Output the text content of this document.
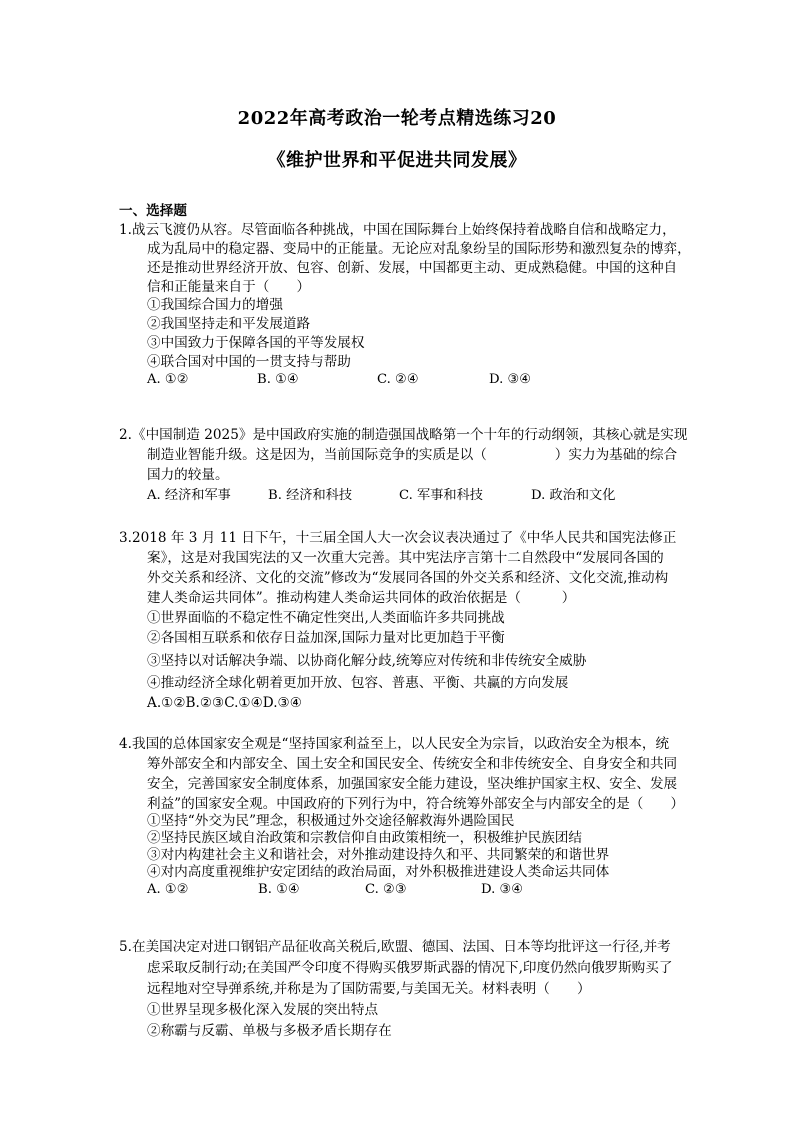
2022年高考政治一轮考点精选练习20
《维护世界和平促进共同发展》
一、选择题
1.战云飞渡仍从容。尽管面临各种挑战，中国在国际舞台上始终保持着战略自信和战略定力，
成为乱局中的稳定器、变局中的正能量。无论应对乱象纷呈的国际形势和激烈复杂的博弈，
还是推动世界经济开放、包容、创新、发展，中国都更主动、更成熟稳健。中国的这种自
信和正能量来自于（　　）
①我国综合国力的增强
②我国坚持走和平发展道路
③中国致力于保障各国的平等发展权
④联合国对中国的一贯支持与帮助
A. ①②	B. ①④	C. ②④	D. ③④
2.《中国制造 2025》是中国政府实施的制造强国战略第一个十年的行动纲领，其核心就是实现
制造业智能升级。这是因为，当前国际竞争的实质是以（　　　　　）实力为基础的综合
国力的较量。
A. 经济和军事	B. 经济和科技	C. 军事和科技	D. 政治和文化
3.2018 年 3 月 11 日下午，十三届全国人大一次会议表决通过了《中华人民共和国宪法修正
案》，这是对我国宪法的又一次重大完善。其中宪法序言第十二自然段中“发展同各国的
外交关系和经济、文化的交流”修改为“发展同各国的外交关系和经济、文化交流,推动构
建人类命运共同体”。推动构建人类命运共同体的政治依据是（　　　）
①世界面临的不稳定性不确定性突出,人类面临许多共同挑战
②各国相互联系和依存日益加深,国际力量对比更加趋于平衡
③坚持以对话解决争端、以协商化解分歧,统筹应对传统和非传统安全威胁
④推动经济全球化朝着更加开放、包容、普惠、平衡、共赢的方向发展
A.①②B.②③C.①④D.③④
4.我国的总体国家安全观是“坚持国家利益至上，以人民安全为宗旨，以政治安全为根本，统
筹外部安全和内部安全、国土安全和国民安全、传统安全和非传统安全、自身安全和共同
安全，完善国家安全制度体系，加强国家安全能力建设，坚决维护国家主权、安全、发展
利益”的国家安全观。中国政府的下列行为中，符合统筹外部安全与内部安全的是（　　）
①坚持“外交为民”理念，积极通过外交途径解救海外遇险国民
②坚持民族区域自治政策和宗教信仰自由政策相统一，积极维护民族团结
③对内构建社会主义和谐社会，对外推动建设持久和平、共同繁荣的和谐世界
④对内高度重视维护安定团结的政治局面，对外积极推进建设人类命运共同体
A. ①②	B. ①④	C. ②③	D. ③④
5.在美国决定对进口钢铝产品征收高关税后,欧盟、德国、法国、日本等均批评这一行径,并考
虑采取反制行动;在美国严令印度不得购买俄罗斯武器的情况下,印度仍然向俄罗斯购买了
远程地对空导弹系统,并称是为了国防需要,与美国无关。材料表明（　　）
①世界呈现多极化深入发展的突出特点
②称霸与反霸、单极与多极矛盾长期存在
